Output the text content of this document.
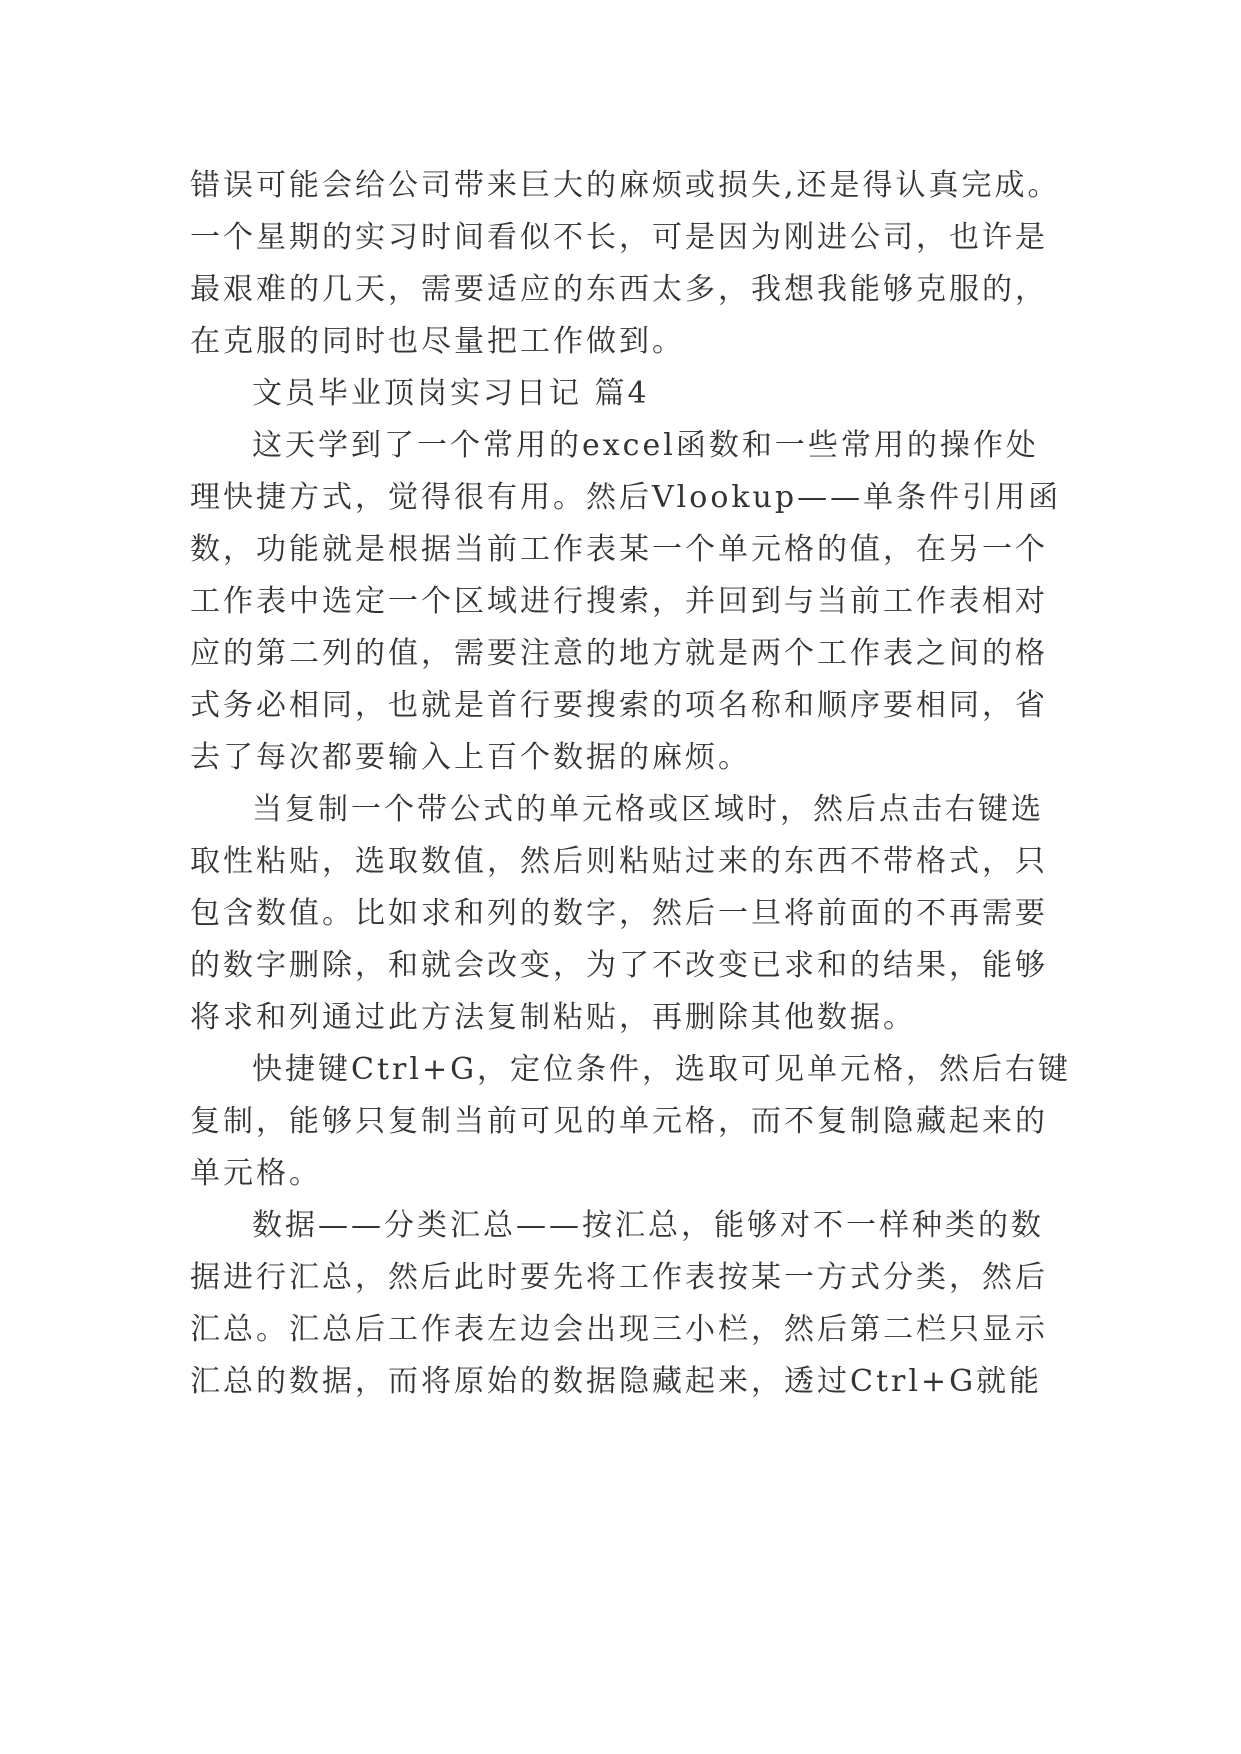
错误可能会给公司带来巨大的麻烦或损失,还是得认真完成。
一个星期的实习时间看似不长，可是因为刚进公司，也许是
最艰难的几天，需要适应的东西太多，我想我能够克服的，
在克服的同时也尽量把工作做到。
文员毕业顶岗实习日记 篇4
这天学到了一个常用的excel函数和一些常用的操作处
理快捷方式，觉得很有用。然后Vlookup——单条件引用函
数，功能就是根据当前工作表某一个单元格的值，在另一个
工作表中选定一个区域进行搜索，并回到与当前工作表相对
应的第二列的值，需要注意的地方就是两个工作表之间的格
式务必相同，也就是首行要搜索的项名称和顺序要相同，省
去了每次都要输入上百个数据的麻烦。
当复制一个带公式的单元格或区域时，然后点击右键选
取性粘贴，选取数值，然后则粘贴过来的东西不带格式，只
包含数值。比如求和列的数字，然后一旦将前面的不再需要
的数字删除，和就会改变，为了不改变已求和的结果，能够
将求和列通过此方法复制粘贴，再删除其他数据。
快捷键Ctrl+G，定位条件，选取可见单元格，然后右键
复制，能够只复制当前可见的单元格，而不复制隐藏起来的
单元格。
数据——分类汇总——按汇总，能够对不一样种类的数
据进行汇总，然后此时要先将工作表按某一方式分类，然后
汇总。汇总后工作表左边会出现三小栏，然后第二栏只显示
汇总的数据，而将原始的数据隐藏起来，透过Ctrl+G就能
